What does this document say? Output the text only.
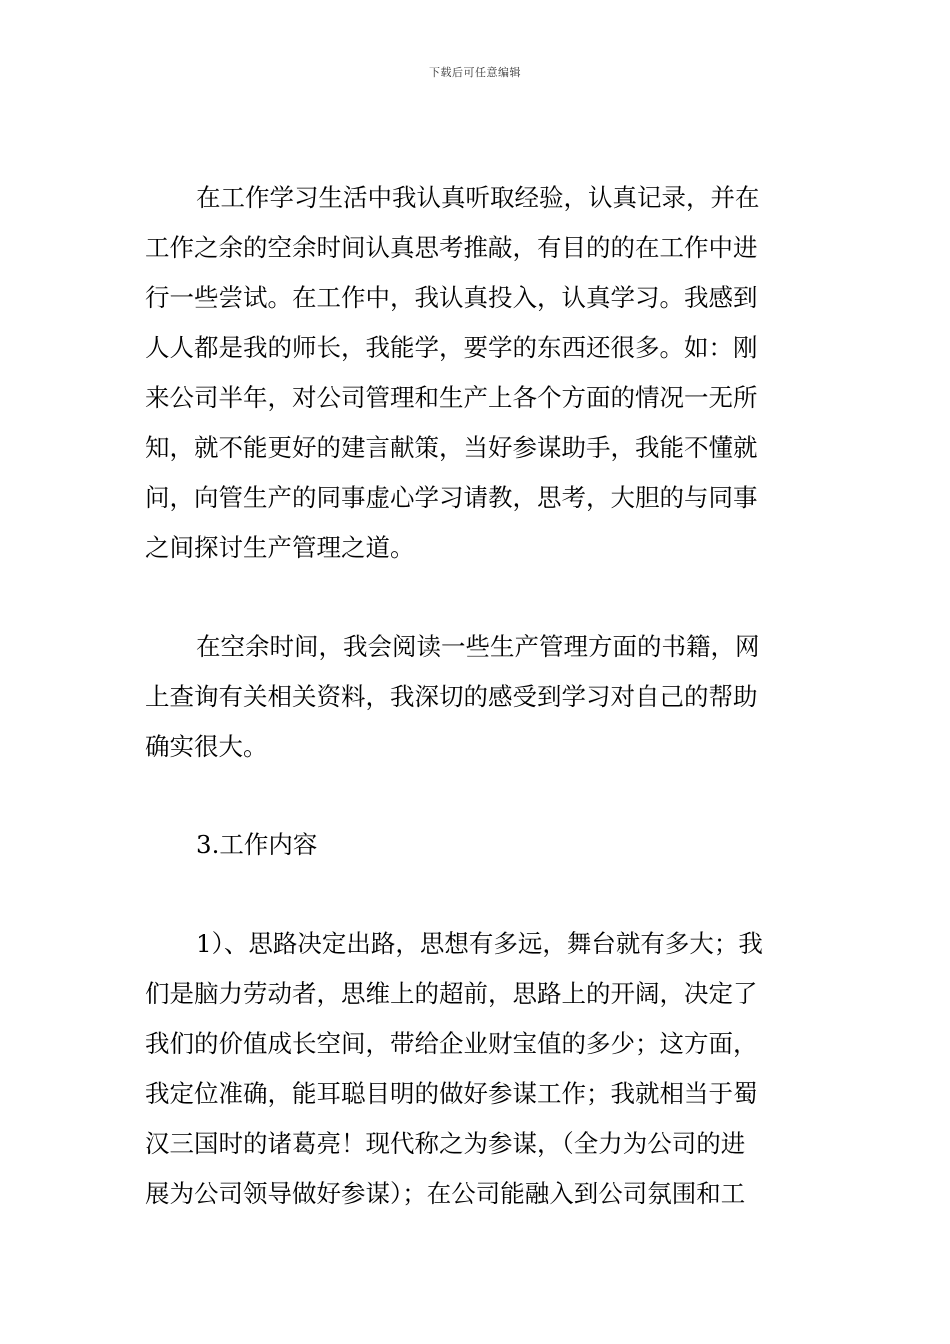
下载后可任意编辑

在工作学习生活中我认真听取经验，认真记录，并在

工作之余的空余时间认真思考推敲，有目的的在工作中进

行一些尝试。在工作中，我认真投入，认真学习。我感到

人人都是我的师长，我能学，要学的东西还很多。如：刚

来公司半年，对公司管理和生产上各个方面的情况一无所

知，就不能更好的建言献策，当好参谋助手，我能不懂就

问，向管生产的同事虚心学习请教，思考，大胆的与同事

之间探讨生产管理之道。

在空余时间，我会阅读一些生产管理方面的书籍，网

上查询有关相关资料，我深切的感受到学习对自己的帮助

确实很大。

3.工作内容

1）、思路决定出路，思想有多远，舞台就有多大；我

们是脑力劳动者，思维上的超前，思路上的开阔，决定了

我们的价值成长空间，带给企业财宝值的多少；这方面，

我定位准确，能耳聪目明的做好参谋工作；我就相当于蜀

汉三国时的诸葛亮！现代称之为参谋，（全力为公司的进

展为公司领导做好参谋）；在公司能融入到公司氛围和工
